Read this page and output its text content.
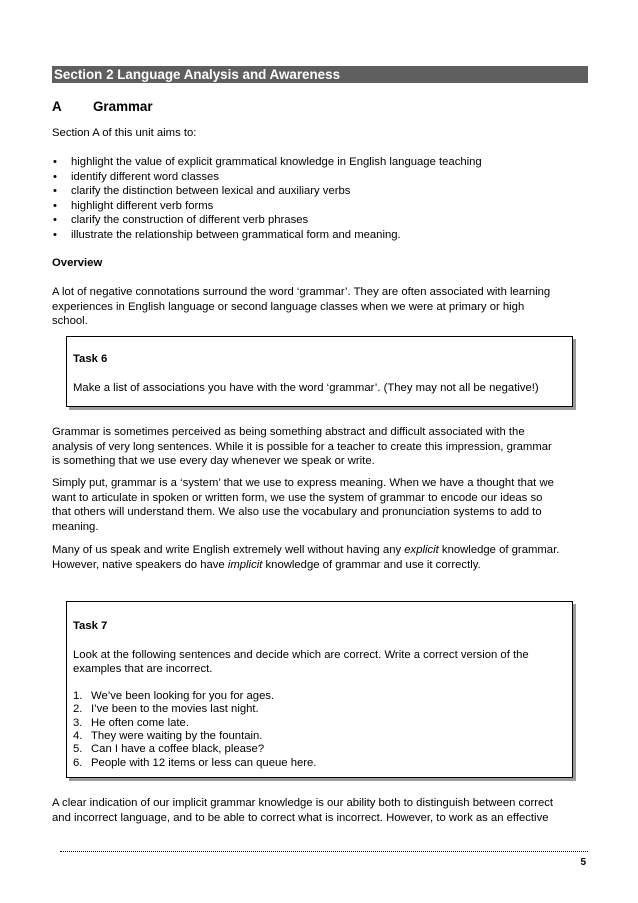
Section 2 Language Analysis and Awareness
A Grammar
Section A of this unit aims to:
• highlight the value of explicit grammatical knowledge in English language teaching
• identify different word classes
• clarify the distinction between lexical and auxiliary verbs
• highlight different verb forms
• clarify the construction of different verb phrases
• illustrate the relationship between grammatical form and meaning.
Overview
A lot of negative connotations surround the word ‘grammar’. They are often associated with learning
experiences in English language or second language classes when we were at primary or high
school.
Task 6
Make a list of associations you have with the word ‘grammar’. (They may not all be negative!)
Grammar is sometimes perceived as being something abstract and difficult associated with the
analysis of very long sentences. While it is possible for a teacher to create this impression, grammar
is something that we use every day whenever we speak or write.
Simply put, grammar is a ‘system’ that we use to express meaning. When we have a thought that we
want to articulate in spoken or written form, we use the system of grammar to encode our ideas so
that others will understand them. We also use the vocabulary and pronunciation systems to add to
meaning.
Many of us speak and write English extremely well without having any explicit knowledge of grammar.
However, native speakers do have implicit knowledge of grammar and use it correctly.
Task 7
Look at the following sentences and decide which are correct. Write a correct version of the
examples that are incorrect.
1. We’ve been looking for you for ages.
2. I’ve been to the movies last night.
3. He often come late.
4. They were waiting by the fountain.
5. Can I have a coffee black, please?
6. People with 12 items or less can queue here.
A clear indication of our implicit grammar knowledge is our ability both to distinguish between correct
and incorrect language, and to be able to correct what is incorrect. However, to work as an effective
5
